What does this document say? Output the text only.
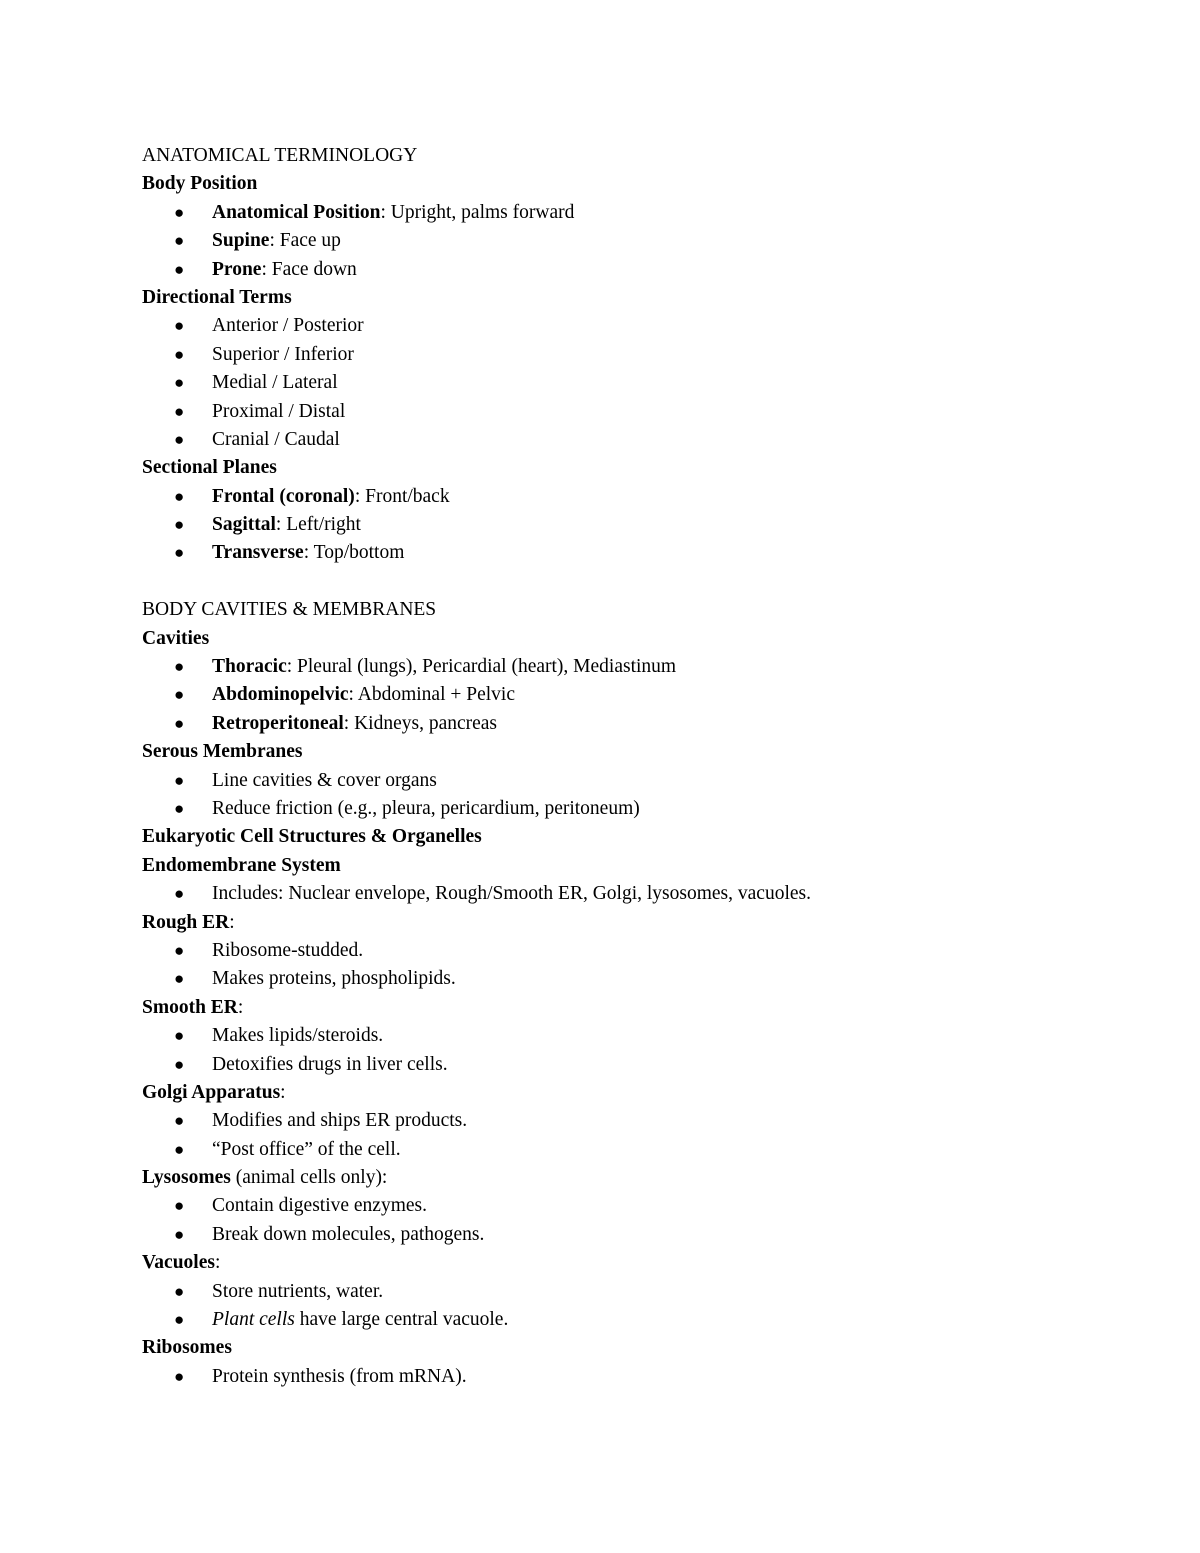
ANATOMICAL TERMINOLOGY
Body Position
● Anatomical Position: Upright, palms forward
● Supine: Face up
● Prone: Face down
Directional Terms
● Anterior / Posterior
● Superior / Inferior
● Medial / Lateral
● Proximal / Distal
● Cranial / Caudal
Sectional Planes
● Frontal (coronal): Front/back
● Sagittal: Left/right
● Transverse: Top/bottom
BODY CAVITIES & MEMBRANES
Cavities
● Thoracic: Pleural (lungs), Pericardial (heart), Mediastinum
● Abdominopelvic: Abdominal + Pelvic
● Retroperitoneal: Kidneys, pancreas
Serous Membranes
● Line cavities & cover organs
● Reduce friction (e.g., pleura, pericardium, peritoneum)
Eukaryotic Cell Structures & Organelles
Endomembrane System
● Includes: Nuclear envelope, Rough/Smooth ER, Golgi, lysosomes, vacuoles.
Rough ER:
● Ribosome-studded.
● Makes proteins, phospholipids.
Smooth ER:
● Makes lipids/steroids.
● Detoxifies drugs in liver cells.
Golgi Apparatus:
● Modifies and ships ER products.
● “Post office” of the cell.
Lysosomes (animal cells only):
● Contain digestive enzymes.
● Break down molecules, pathogens.
Vacuoles:
● Store nutrients, water.
● Plant cells have large central vacuole.
Ribosomes
● Protein synthesis (from mRNA).
